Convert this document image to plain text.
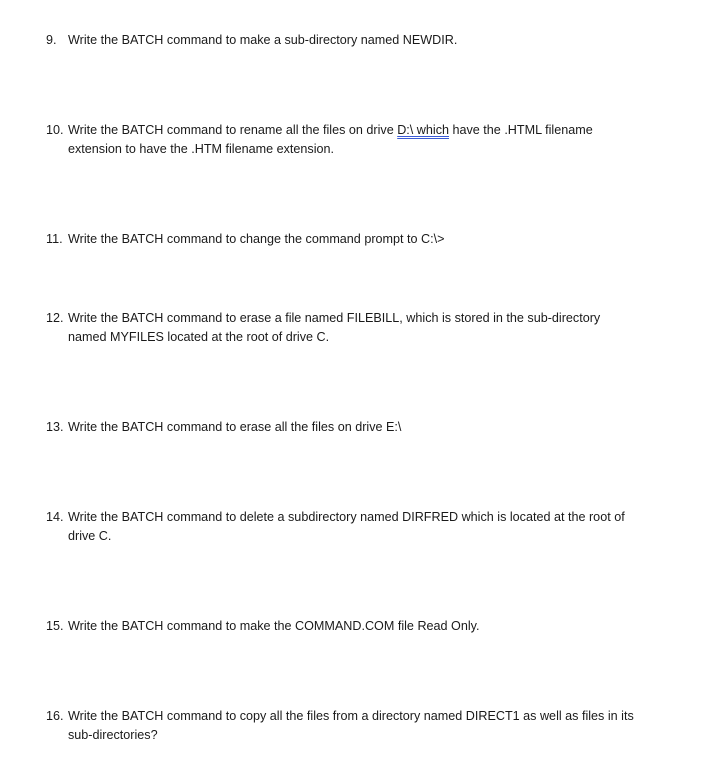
9. Write the BATCH command to make a sub-directory named NEWDIR.
10. Write the BATCH command to rename all the files on drive D:\ which have the .HTML filename
extension to have the .HTM filename extension.
11. Write the BATCH command to change the command prompt to C:\>
12. Write the BATCH command to erase a file named FILEBILL, which is stored in the sub-directory
named MYFILES located at the root of drive C.
13. Write the BATCH command to erase all the files on drive E:\
14. Write the BATCH command to delete a subdirectory named DIRFRED which is located at the root of
drive C.
15. Write the BATCH command to make the COMMAND.COM file Read Only.
16. Write the BATCH command to copy all the files from a directory named DIRECT1 as well as files in its
sub-directories?
